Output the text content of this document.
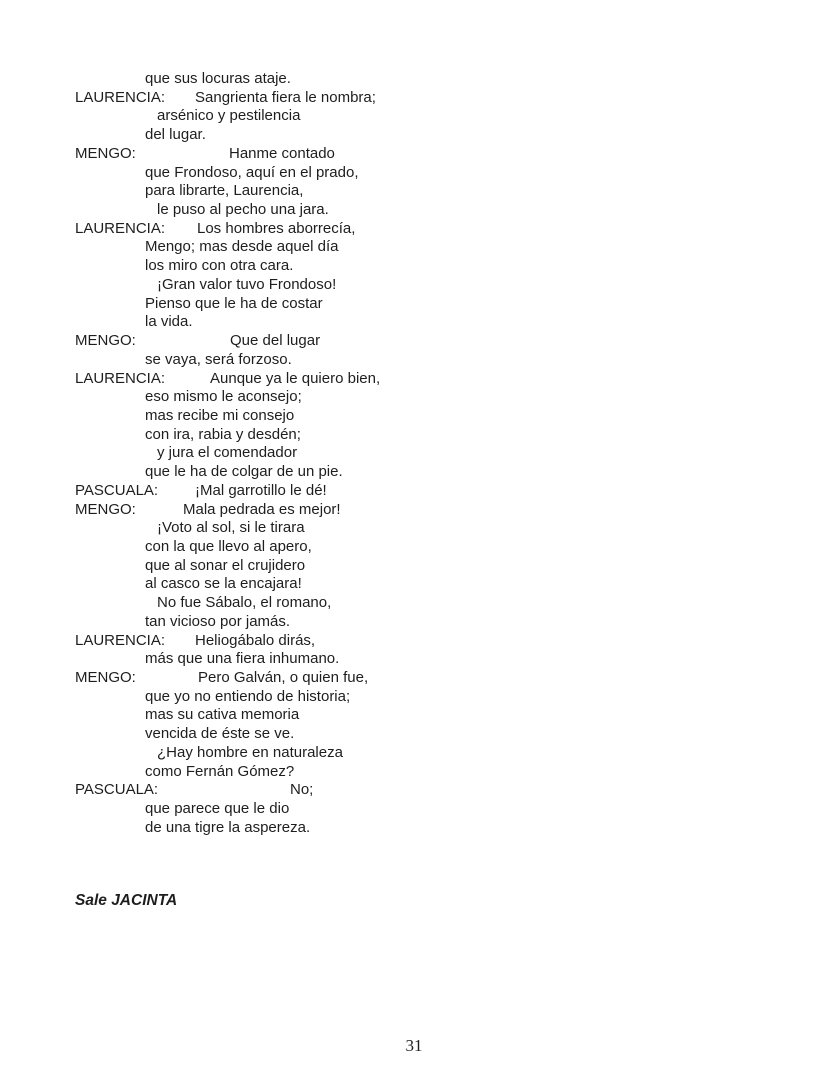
que sus locuras ataje.
LAURENCIA: Sangrienta fiera le nombra;
arsénico y pestilencia
del lugar.
MENGO:	Hanme contado
que Frondoso, aquí en el prado,
para librarte, Laurencia,
le puso al pecho una jara.
LAURENCIA: Los hombres aborrecía,
Mengo; mas desde aquel día
los miro con otra cara.
¡Gran valor tuvo Frondoso!
Pienso que le ha de costar
la vida.
MENGO:	Que del lugar
se vaya, será forzoso.
LAURENCIA:	Aunque ya le quiero bien,
eso mismo le aconsejo;
mas recibe mi consejo
con ira, rabia y desdén;
y jura el comendador
que le ha de colgar de un pie.
PASCUALA: ¡Mal garrotillo le dé!
MENGO:	Mala pedrada es mejor!
¡Voto al sol, si le tirara
con la que llevo al apero,
que al sonar el crujidero
al casco se la encajara!
No fue Sábalo, el romano,
tan vicioso por jamás.
LAURENCIA: Heliogábalo dirás,
más que una fiera inhumano.
MENGO:	Pero Galván, o quien fue,
que yo no entiendo de historia;
mas su cativa memoria
vencida de éste se ve.
¿Hay hombre en naturaleza
como Fernán Gómez?
PASCUALA:	No;
que parece que le dio
de una tigre la aspereza.
Sale JACINTA
31
